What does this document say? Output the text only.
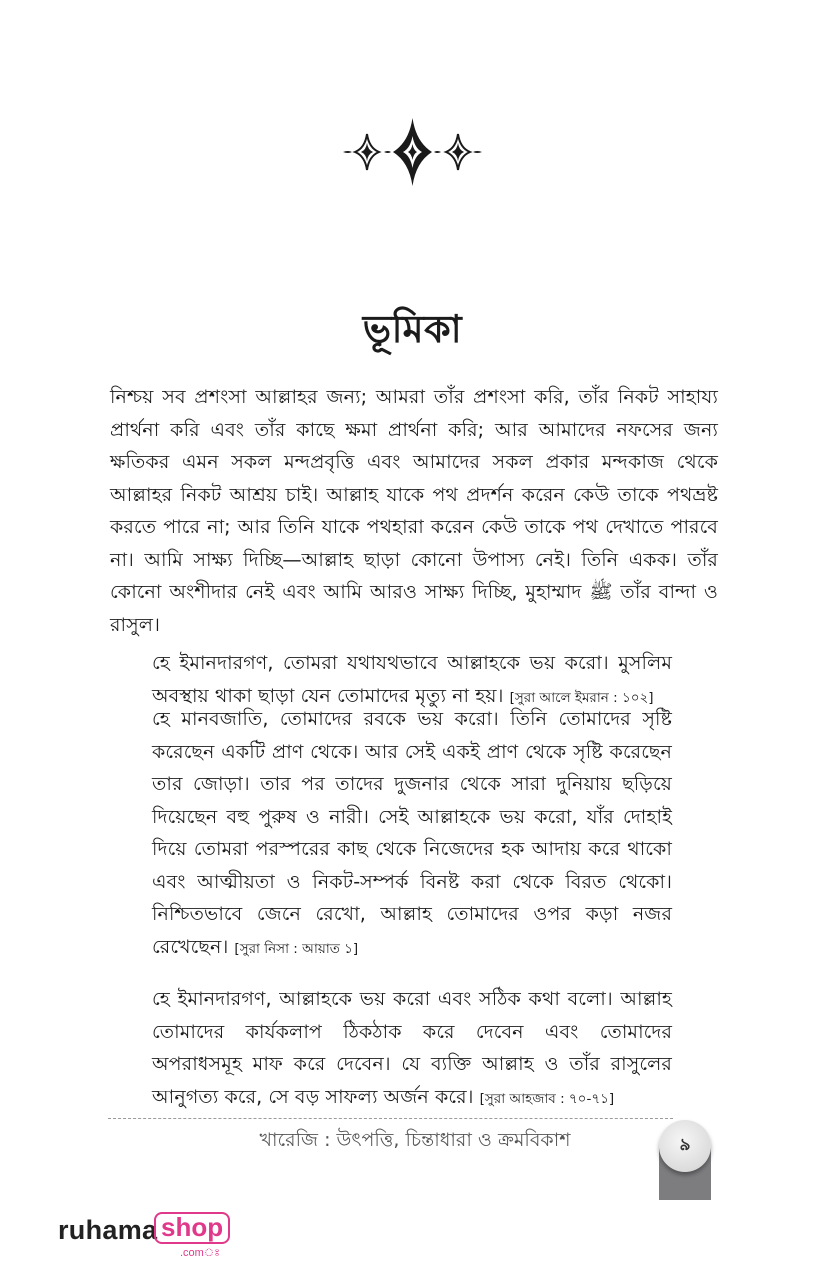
ভূমিকা

নিশ্চয় সব প্রশংসা আল্লাহর জন্য; আমরা তাঁর প্রশংসা করি, তাঁর নিকট সাহায্য প্রার্থনা করি এবং তাঁর কাছে ক্ষমা প্রার্থনা করি; আর আমাদের নফসের জন্য ক্ষতিকর এমন সকল মন্দপ্রবৃত্তি এবং আমাদের সকল প্রকার মন্দকাজ থেকে আল্লাহর নিকট আশ্রয় চাই। আল্লাহ যাকে পথ প্রদর্শন করেন কেউ তাকে পথভ্রষ্ট করতে পারে না; আর তিনি যাকে পথহারা করেন কেউ তাকে পথ দেখাতে পারবে না। আমি সাক্ষ্য দিচ্ছি—আল্লাহ ছাড়া কোনো উপাস্য নেই। তিনি একক। তাঁর কোনো অংশীদার নেই এবং আমি আরও সাক্ষ্য দিচ্ছি, মুহাম্মাদ ﷺ তাঁর বান্দা ও রাসুল।

হে ইমানদারগণ, তোমরা যথাযথভাবে আল্লাহকে ভয় করো। মুসলিম অবস্থায় থাকা ছাড়া যেন তোমাদের মৃত্যু না হয়। [সুরা আলে ইমরান : ১০২]

হে মানবজাতি, তোমাদের রবকে ভয় করো। তিনি তোমাদের সৃষ্টি করেছেন একটি প্রাণ থেকে। আর সেই একই প্রাণ থেকে সৃষ্টি করেছেন তার জোড়া। তার পর তাদের দুজনার থেকে সারা দুনিয়ায় ছড়িয়ে দিয়েছেন বহু পুরুষ ও নারী। সেই আল্লাহকে ভয় করো, যাঁর দোহাই দিয়ে তোমরা পরস্পরের কাছ থেকে নিজেদের হক আদায় করে থাকো এবং আত্মীয়তা ও নিকট-সম্পর্ক বিনষ্ট করা থেকে বিরত থেকো। নিশ্চিতভাবে জেনে রেখো, আল্লাহ তোমাদের ওপর কড়া নজর রেখেছেন। [সুরা নিসা : আয়াত ১]

হে ইমানদারগণ, আল্লাহকে ভয় করো এবং সঠিক কথা বলো। আল্লাহ তোমাদের কার্যকলাপ ঠিকঠাক করে দেবেন এবং তোমাদের অপরাধসমূহ মাফ করে দেবেন। যে ব্যক্তি আল্লাহ ও তাঁর রাসুলের আনুগত্য করে, সে বড় সাফল্য অর্জন করে। [সুরা আহজাব : ৭০-৭১]

খারেজি : উৎপত্তি, চিন্তাধারা ও ক্রমবিকাশ	৯
ruhama shop
.comঃ
